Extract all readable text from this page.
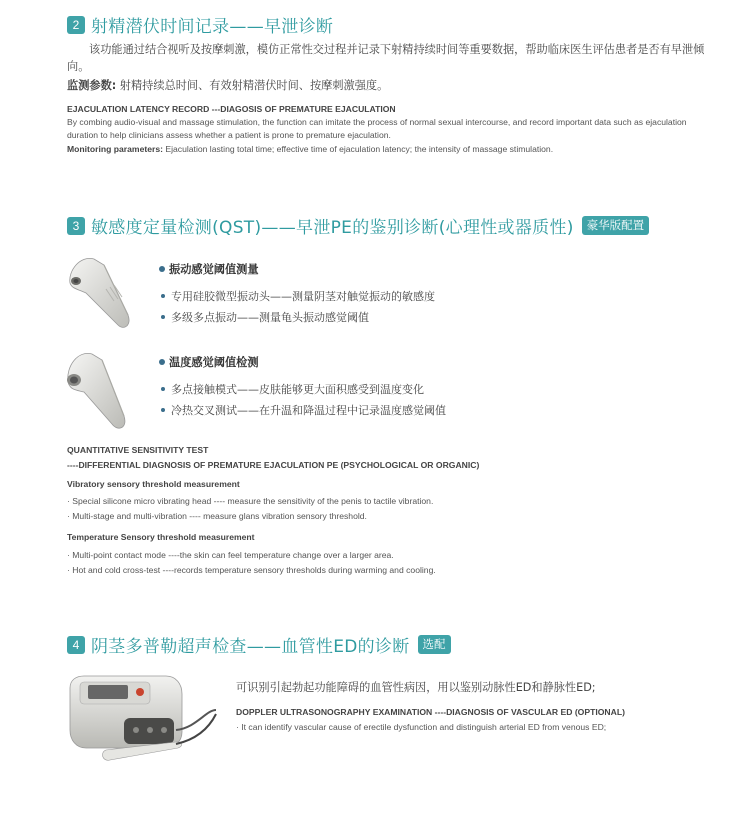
2 射精潜伏时间记录——早泄诊断

该功能通过结合视听及按摩刺激，模仿正常性交过程并记录下射精持续时间等重要数据，帮助临床医生评估患者是否有早泄倾向。

监测参数: 射精持续总时间、有效射精潜伏时间、按摩刺激强度。

EJACULATION LATENCY RECORD ---DIAGOSIS OF PREMATURE EJACULATION

By combing audio-visual and massage stimulation, the function can imitate the process of normal sexual intercourse, and record important data such as ejaculation duration to help clinicians assess whether a patient is prone to premature ejaculation.

Monitoring parameters: Ejaculation lasting total time; effective time of ejaculation latency; the intensity of massage stimulation.

3 敏感度定量检测(QST)——早泄PE的鉴别诊断(心理性或器质性)	豪华版配置
振动感觉阈值测量
专用硅胶微型振动头——测量阴茎对触觉振动的敏感度
多级多点振动——测量龟头振动感觉阈值
温度感觉阈值检测
多点接触模式——皮肤能够更大面积感受到温度变化
冷热交叉测试——在升温和降温过程中记录温度感觉阈值

QUANTITATIVE SENSITIVITY TEST

----DIFFERENTIAL DIAGNOSIS OF PREMATURE EJACULATION PE (PSYCHOLOGICAL OR ORGANIC)

Vibratory sensory threshold measurement

· Special silicone micro vibrating head ---- measure the sensitivity of the penis to tactile vibration.

· Multi-stage and multi-vibration ---- measure glans vibration sensory threshold.

Temperature Sensory threshold measurement

· Multi-point contact mode ----the skin can feel temperature change over a larger area.

· Hot and cold cross-test ----records temperature sensory thresholds during warming and cooling.

4 阴茎多普勒超声检查——血管性ED的诊断	选配

可识别引起勃起功能障碍的血管性病因，用以鉴别动脉性ED和静脉性ED;

DOPPLER ULTRASONOGRAPHY EXAMINATION ----DIAGNOSIS OF VASCULAR ED (OPTIONAL)

· It can identify vascular cause of erectile dysfunction and distinguish arterial ED from venous ED;
